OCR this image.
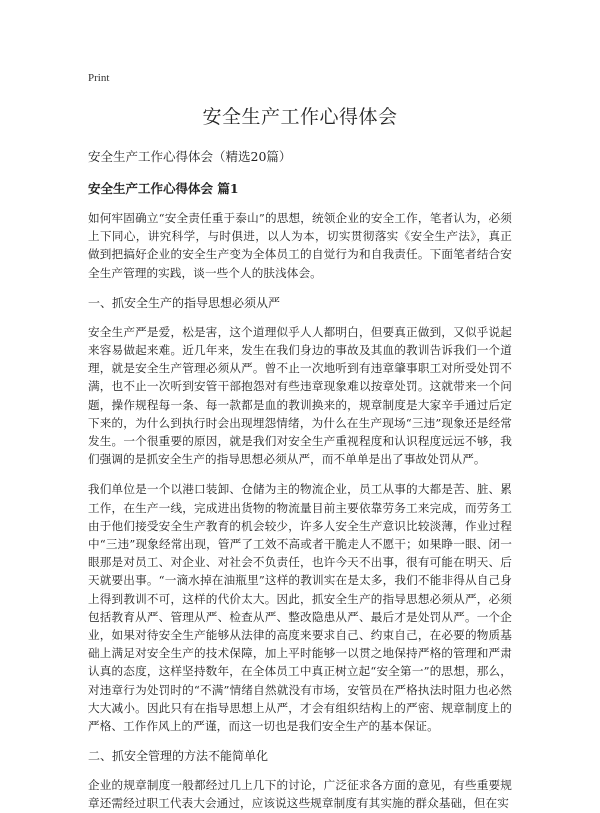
Print
安全生产工作心得体会
安全生产工作心得体会（精选20篇）
安全生产工作心得体会 篇1

如何牢固确立“安全责任重于泰山”的思想，统领企业的安全工作，笔者认为，必须上下同心，讲究科学，与时俱进，以人为本，切实贯彻落实《安全生产法》，真正做到把搞好企业的安全生产变为全体员工的自觉行为和自我责任。下面笔者结合安全生产管理的实践，谈一些个人的肤浅体会。

一、抓安全生产的指导思想必须从严

安全生产严是爱，松是害，这个道理似乎人人都明白，但要真正做到，又似乎说起来容易做起来难。近几年来，发生在我们身边的事故及其血的教训告诉我们一个道理，就是安全生产管理必须从严。曾不止一次地听到有违章肇事职工对所受处罚不满，也不止一次听到安管干部抱怨对有些违章现象难以按章处罚。这就带来一个问题，操作规程每一条、每一款都是血的教训换来的，规章制度是大家辛手通过后定下来的，为什么到执行时会出现埋怨情绪，为什么在生产现场“三违”现象还是经常发生。一个很重要的原因，就是我们对安全生产重视程度和认识程度远远不够，我们强调的是抓安全生产的指导思想必须从严，而不单单是出了事故处罚从严。

我们单位是一个以港口装卸、仓储为主的物流企业，员工从事的大都是苦、脏、累工作，在生产一线，完成进出货物的物流量目前主要依靠劳务工来完成，而劳务工由于他们接受安全生产教育的机会较少，许多人安全生产意识比较淡薄，作业过程中“三违”现象经常出现，管严了工效不高或者干脆走人不愿干；如果睁一眼、闭一眼那是对员工、对企业、对社会不负责任，也许今天不出事，很有可能在明天、后天就要出事。“一滴水掉在油瓶里”这样的教训实在是太多，我们不能非得从自己身上得到教训不可，这样的代价太大。因此，抓安全生产的指导思想必须从严，必须包括教育从严、管理从严、检查从严、整改隐患从严、最后才是处罚从严。一个企业，如果对待安全生产能够从法律的高度来要求自己、约束自己，在必要的物质基础上满足对安全生产的技术保障，加上平时能够一以贯之地保持严格的管理和严肃认真的态度，这样坚持数年，在全体员工中真正树立起“安全第一”的思想，那么，对违章行为处罚时的“不满”情绪自然就没有市场，安管员在严格执法时阻力也必然大大减小。因此只有在指导思想上从严，才会有组织结构上的严密、规章制度上的严格、工作作风上的严谨，而这一切也是我们安全生产的基本保证。

二、抓安全管理的方法不能简单化

企业的规章制度一般都经过几上几下的讨论，广泛征求各方面的意见，有些重要规章还需经过职工代表大会通过，应该说这些规章制度有其实施的群众基础，但在实
